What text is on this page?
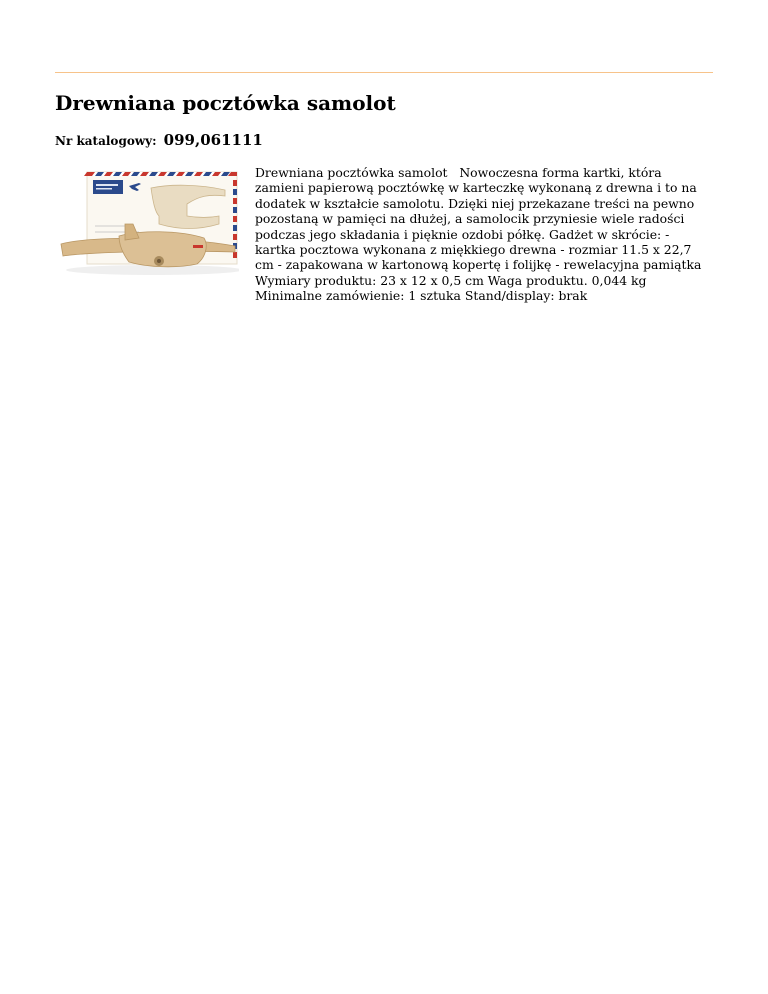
Drewniana pocztówka samolot
Nr katalogowy: 099,061111

Drewniana pocztówka samolot   Nowoczesna forma kartki, która zamieni papierową pocztówkę w karteczkę wykonaną z drewna i to na dodatek w kształcie samolotu. Dzięki niej przekazane treści na pewno pozostaną w pamięci na dłużej, a samolocik przyniesie wiele radości podczas jego składania i pięknie ozdobi półkę. Gadżet w skrócie: - kartka pocztowa wykonana z miękkiego drewna - rozmiar 11.5 x 22,7 cm - zapakowana w kartonową kopertę i folijkę - rewelacyjna pamiątka   Wymiary produktu: 23 x 12 x 0,5 cm Waga produktu. 0,044 kg Minimalne zamówienie: 1 sztuka Stand/display: brak
